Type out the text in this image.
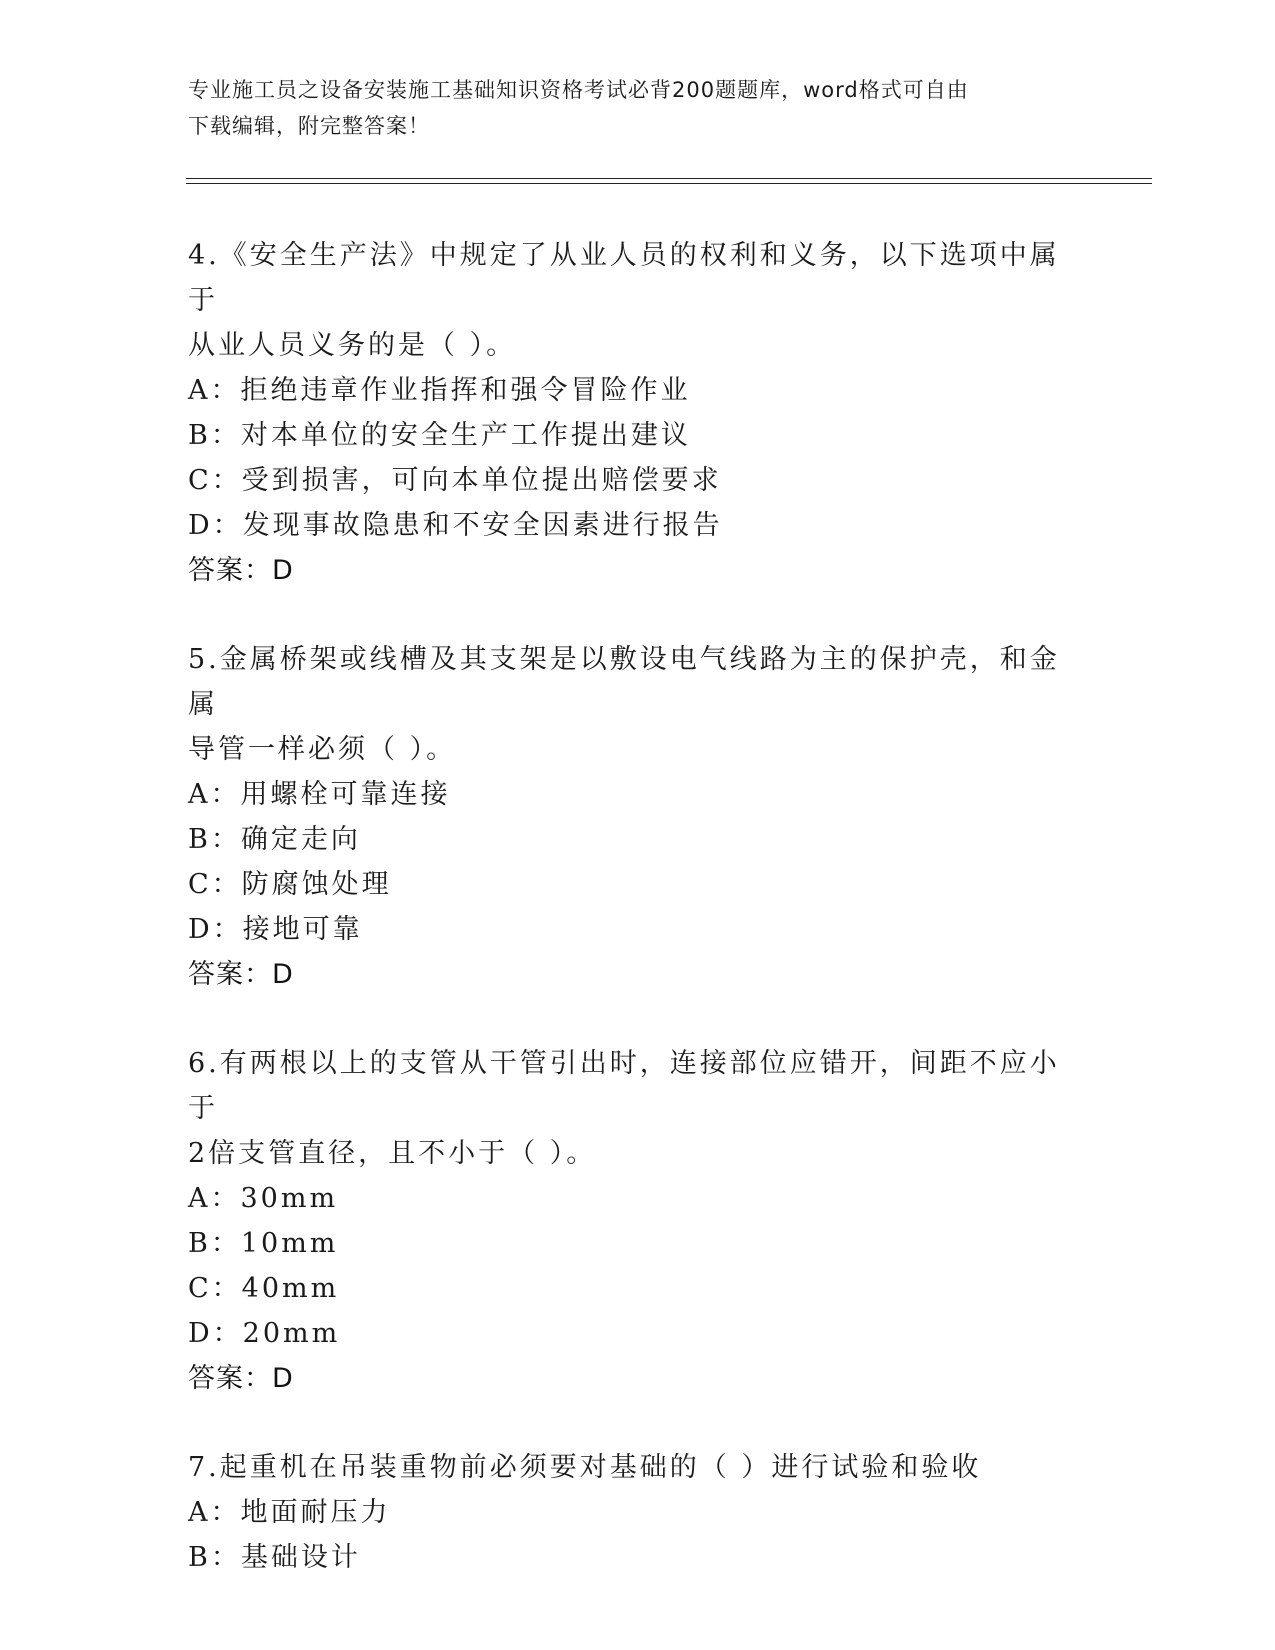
专业施工员之设备安装施工基础知识资格考试必背200题题库，word格式可自由
下载编辑，附完整答案！
4.《安全生产法》中规定了从业人员的权利和义务，以下选项中属于
从业人员义务的是（ ）。
A：拒绝违章作业指挥和强令冒险作业
B：对本单位的安全生产工作提出建议
C：受到损害，可向本单位提出赔偿要求
D：发现事故隐患和不安全因素进行报告
答案：D
5.金属桥架或线槽及其支架是以敷设电气线路为主的保护壳，和金属
导管一样必须（ ）。
A：用螺栓可靠连接
B：确定走向
C：防腐蚀处理
D：接地可靠
答案：D
6.有两根以上的支管从干管引出时，连接部位应错开，间距不应小于
2倍支管直径，且不小于（ ）。
A：30mm
B：10mm
C：40mm
D：20mm
答案：D
7.起重机在吊装重物前必须要对基础的（ ）进行试验和验收
A：地面耐压力
B：基础设计
